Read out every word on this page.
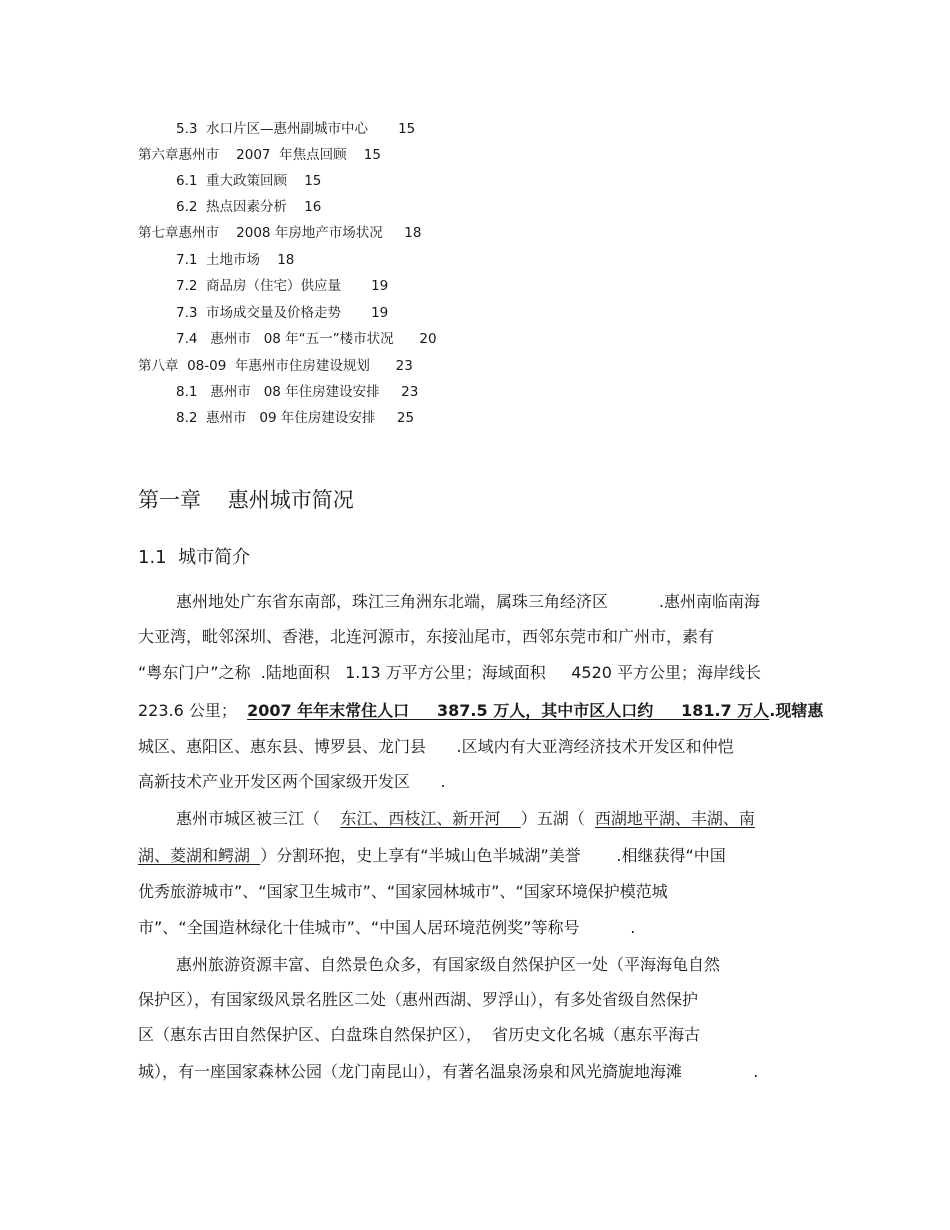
5.3  水口片区—惠州副城市中心       15
第六章惠州市    2007  年焦点回顾    15
6.1  重大政策回顾    15
6.2  热点因素分析    16
第七章惠州市    2008 年房地产市场状况     18
7.1  土地市场    18
7.2  商品房（住宅）供应量       19
7.3  市场成交量及价格走势       19
7.4   惠州市   08 年“五一”楼市状况      20
第八章  08-09  年惠州市住房建设规划      23
8.1   惠州市   08 年住房建设安排     23
8.2  惠州市   09 年住房建设安排     25
第一章    惠州城市简况
1.1  城市简介
惠州地处广东省东南部，珠江三角洲东北端，属珠三角经济区          .惠州南临南海
大亚湾，毗邻深圳、香港，北连河源市，东接汕尾市，西邻东莞市和广州市，素有
“粤东门户”之称  .陆地面积   1.13 万平方公里；海域面积     4520 平方公里；海岸线长
223.6 公里；  2007 年年末常住人口     387.5 万人，其中市区人口约     181.7 万人.现辖惠
城区、惠阳区、惠东县、博罗县、龙门县      .区域内有大亚湾经济技术开发区和仲恺
高新技术产业开发区两个国家级开发区      .
惠州市城区被三江（    东江、西枝江、新开河    ）五湖（  西湖地平湖、丰湖、南
湖、菱湖和鳄湖  ）分割环抱，史上享有“半城山色半城湖”美誉       .相继获得“中国
优秀旅游城市”、“国家卫生城市”、“国家园林城市”、“国家环境保护模范城
市”、“全国造林绿化十佳城市”、“中国人居环境范例奖”等称号          .
惠州旅游资源丰富、自然景色众多，有国家级自然保护区一处（平海海龟自然
保护区），有国家级风景名胜区二处（惠州西湖、罗浮山），有多处省级自然保护
区（惠东古田自然保护区、白盘珠自然保护区），  省历史文化名城（惠东平海古
城），有一座国家森林公园（龙门南昆山），有著名温泉汤泉和风光旖旎地海滩              .
